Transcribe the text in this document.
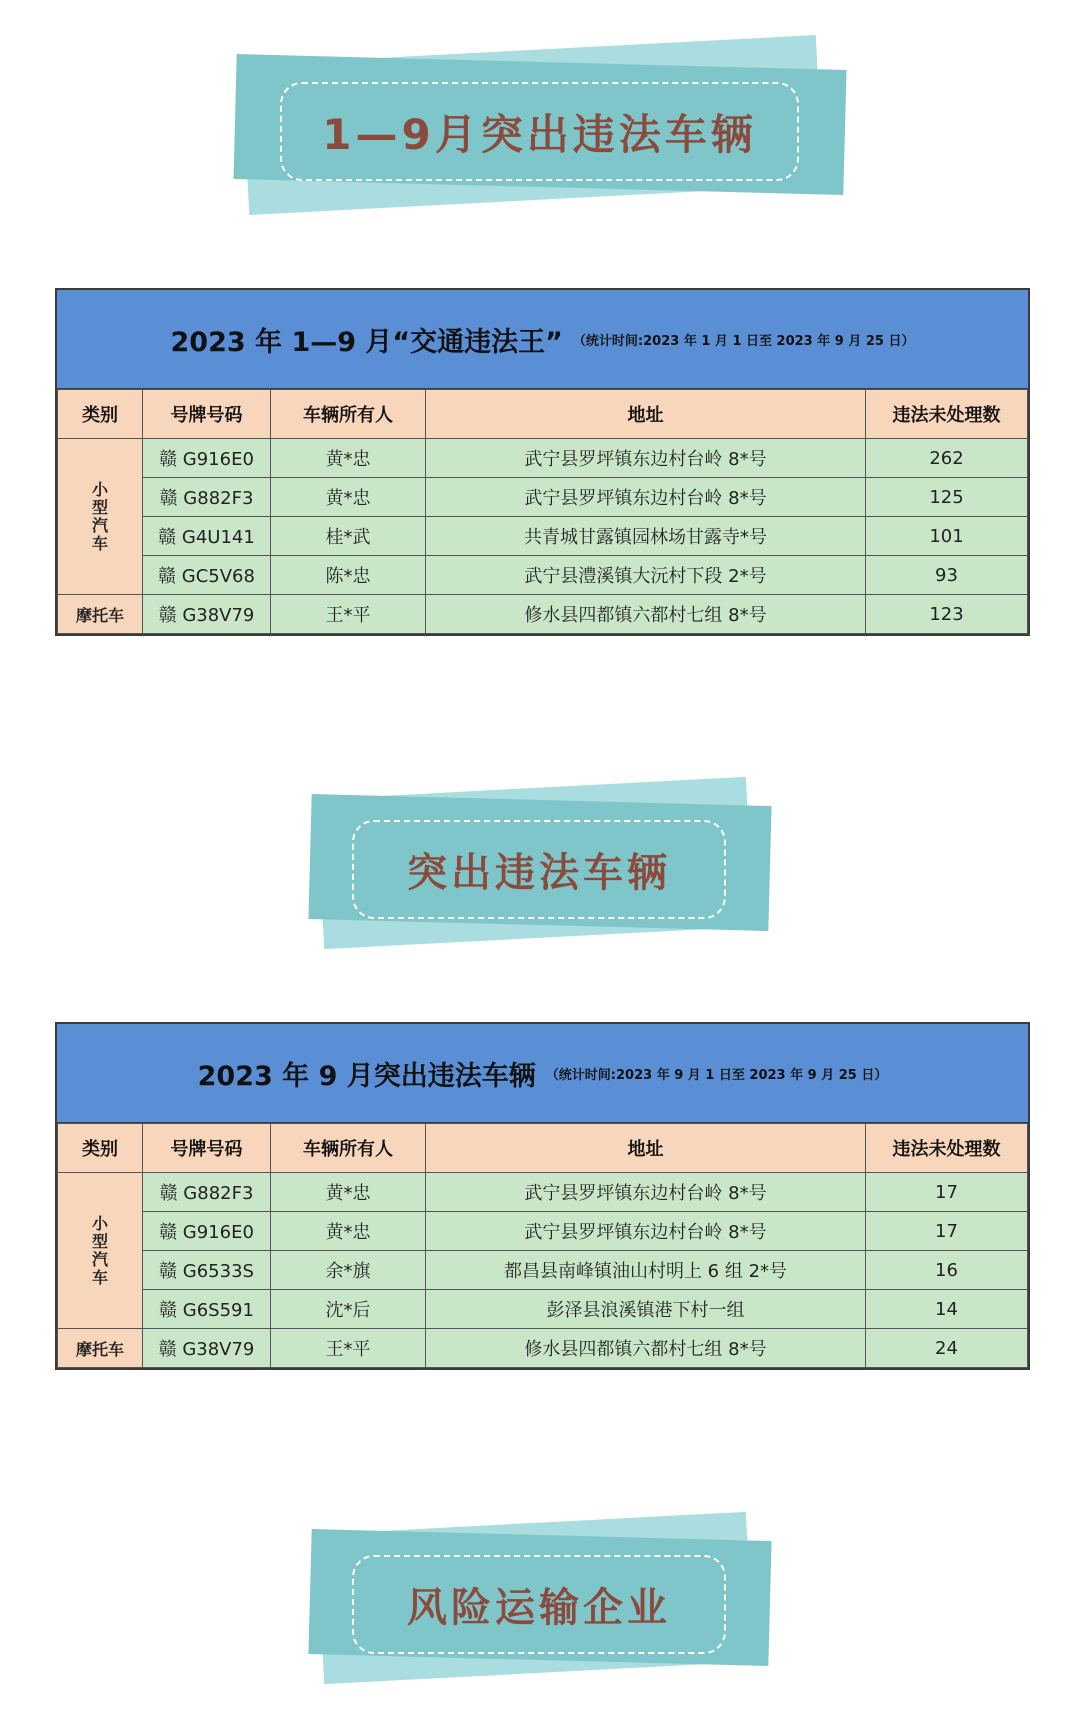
1—9月突出违法车辆
2023 年 1—9 月“交通违法王” （统计时间:2023 年 1 月 1 日至 2023 年 9 月 25 日）
类别	号牌号码	车辆所有人	地址	违法未处理数

小型汽车	赣 G916E0	黄*忠	武宁县罗坪镇东边村台岭 8*号	262
	赣 G882F3	黄*忠	武宁县罗坪镇东边村台岭 8*号	125
	赣 G4U141	桂*武	共青城甘露镇园林场甘露寺*号	101
	赣 GC5V68	陈*忠	武宁县澧溪镇大沅村下段 2*号	93
摩托车	赣 G38V79	王*平	修水县四都镇六都村七组 8*号	123
突出违法车辆
2023 年 9 月突出违法车辆 （统计时间:2023 年 9 月 1 日至 2023 年 9 月 25 日）
类别	号牌号码	车辆所有人	地址	违法未处理数

小型汽车	赣 G882F3	黄*忠	武宁县罗坪镇东边村台岭 8*号	17
	赣 G916E0	黄*忠	武宁县罗坪镇东边村台岭 8*号	17
	赣 G6533S	余*旗	都昌县南峰镇油山村明上 6 组 2*号	16
	赣 G6S591	沈*后	彭泽县浪溪镇港下村一组	14
摩托车	赣 G38V79	王*平	修水县四都镇六都村七组 8*号	24
风险运输企业
